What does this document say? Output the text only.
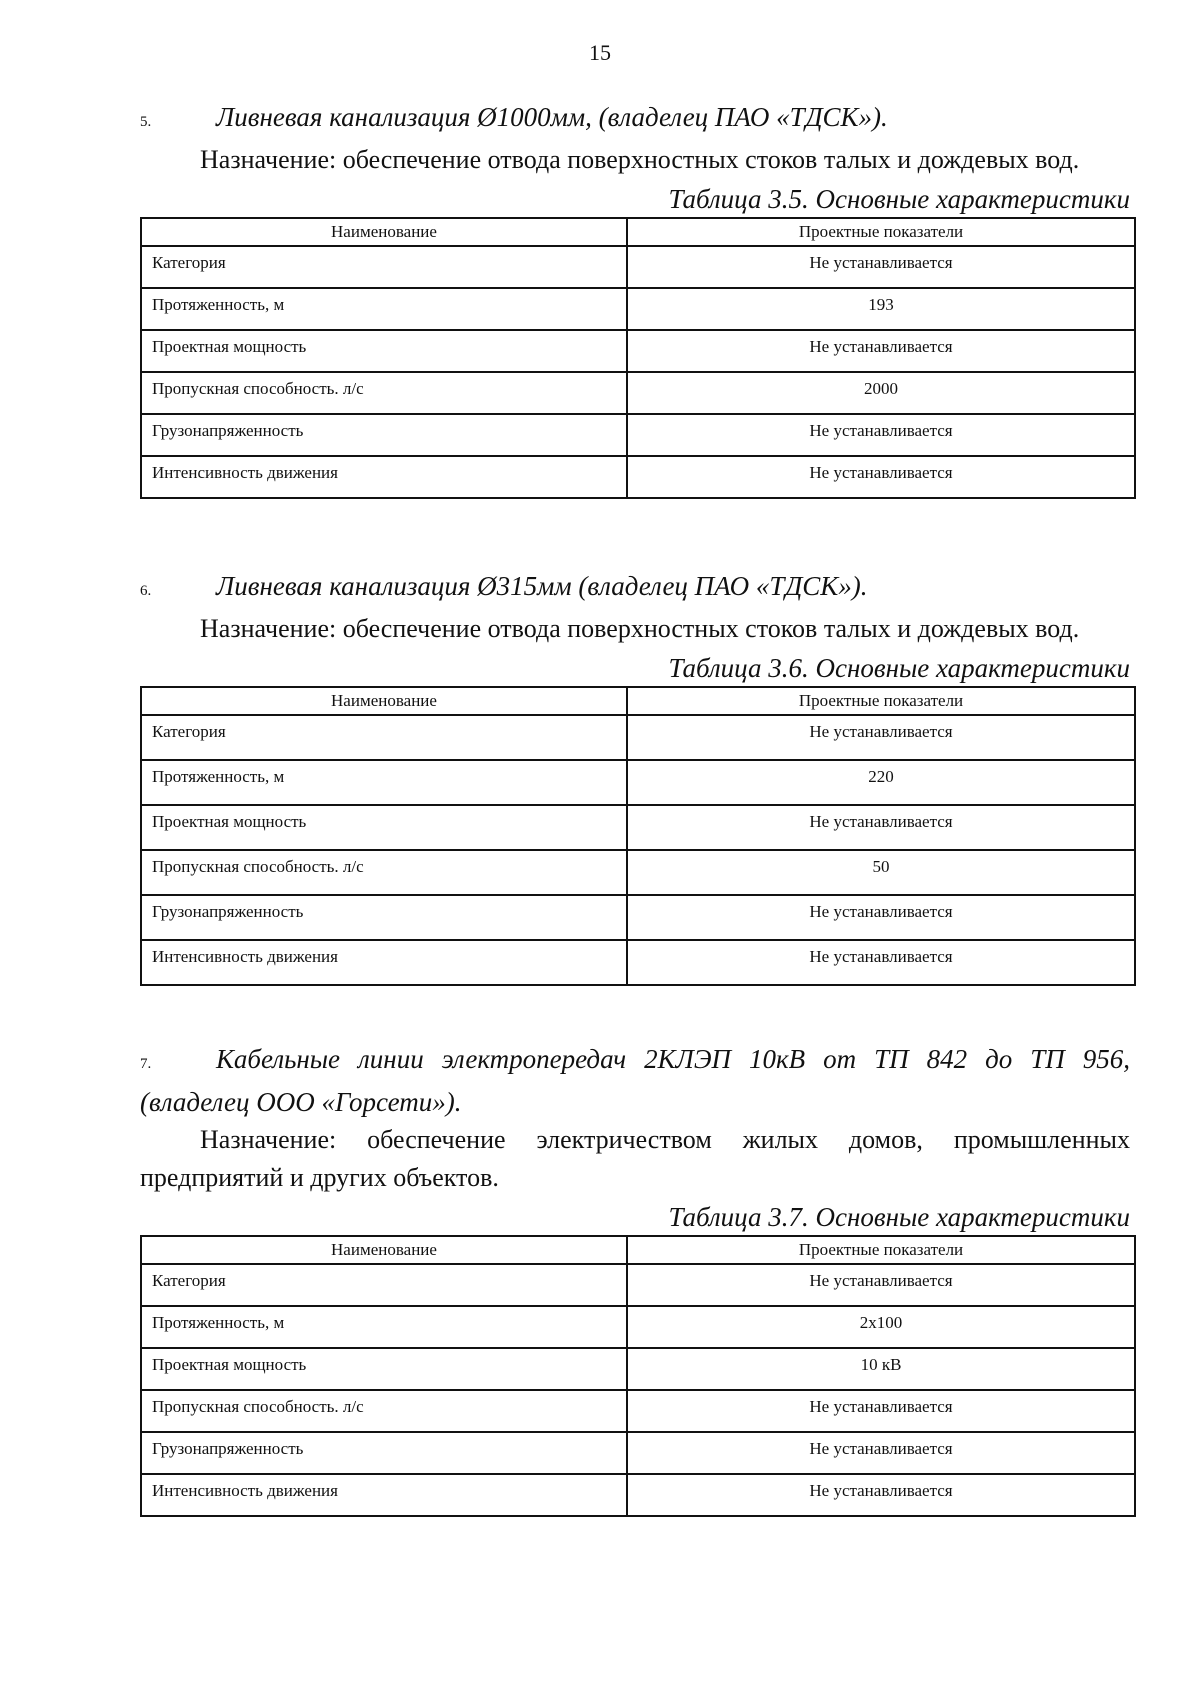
15

5. Ливневая канализация Ø1000мм, (владелец ПАО «ТДСК»).

Назначение: обеспечение отвода поверхностных стоков талых и дождевых вод.

Таблица 3.5. Основные характеристики

Наименование	Проектные показатели
Категория	Не устанавливается
Протяженность, м	193
Проектная мощность	Не устанавливается
Пропускная способность. л/с	2000
Грузонапряженность	Не устанавливается
Интенсивность движения	Не устанавливается

6. Ливневая канализация Ø315мм (владелец ПАО «ТДСК»).

Назначение: обеспечение отвода поверхностных стоков талых и дождевых вод.

Таблица 3.6. Основные характеристики

Наименование	Проектные показатели
Категория	Не устанавливается
Протяженность, м	220
Проектная мощность	Не устанавливается
Пропускная способность. л/с	50
Грузонапряженность	Не устанавливается
Интенсивность движения	Не устанавливается

7. Кабельные линии электропередач 2КЛЭП 10кВ от ТП 842 до ТП 956, (владелец ООО «Горсети»).

Назначение: обеспечение электричеством жилых домов, промышленных предприятий и других объектов.

Таблица 3.7. Основные характеристики

Наименование	Проектные показатели
Категория	Не устанавливается
Протяженность, м	2x100
Проектная мощность	10 кВ
Пропускная способность. л/с	Не устанавливается
Грузонапряженность	Не устанавливается
Интенсивность движения	Не устанавливается
